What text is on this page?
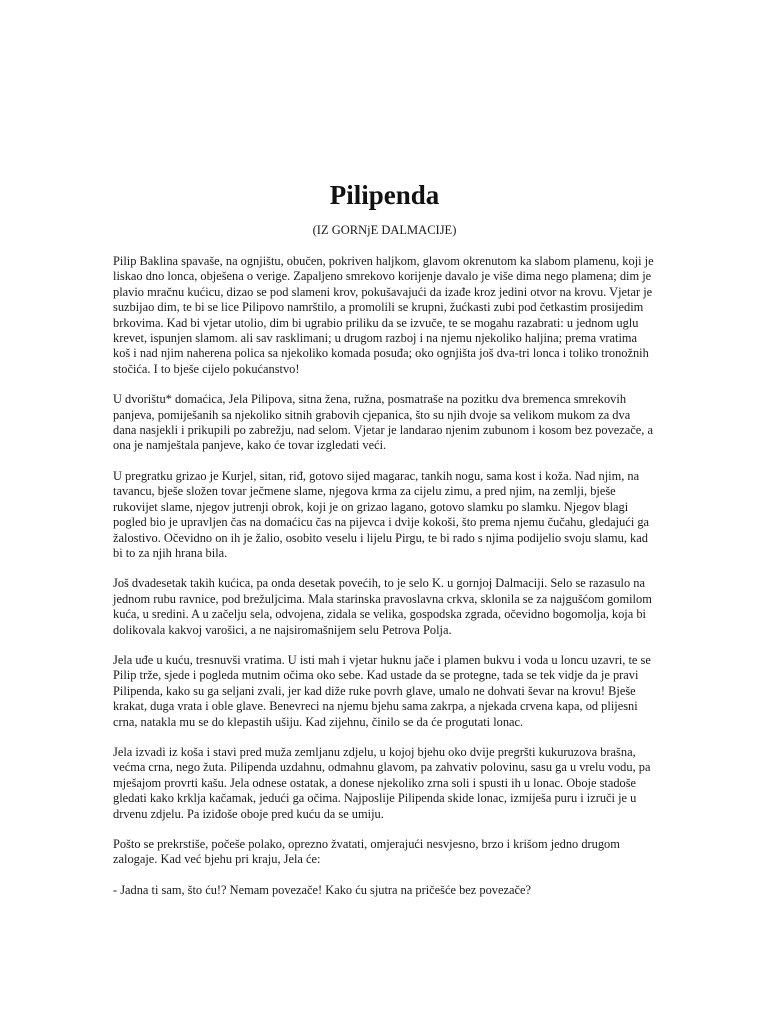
Pilipenda
(IZ GORNjE DALMACIJE)

Pilip Baklina spavaše, na ognjištu, obučen, pokriven haljkom, glavom okrenutom ka slabom plamenu, koji je liskao dno lonca, obješena o verige. Zapaljeno smrekovo korijenje davalo je više dima nego plamena; dim je plavio mračnu kućicu, dizao se pod slameni krov, pokušavajući da izađe kroz jedini otvor na krovu. Vjetar je suzbijao dim, te bi se lice Pilipovo namrštilo, a promolili se krupni, žućkasti zubi pod četkastim prosijedim brkovima. Kad bi vjetar utolio, dim bi ugrabio priliku da se izvuče, te se mogahu razabrati: u jednom uglu krevet, ispunjen slamom. ali sav rasklimani; u drugom razboj i na njemu njekoliko haljina; prema vratima koš i nad njim naherena polica sa njekoliko komada posuđa; oko ognjišta još dva-tri lonca i toliko tronožnih stočića. I to bješe cijelo pokućanstvo!

U dvorištu* domaćica, Jela Pilipova, sitna žena, ružna, posmatraše na pozitku dva bremenca smrekovih panjeva, pomiješanih sa njekoliko sitnih grabovih cjepanica, što su njih dvoje sa velikom mukom za dva dana nasjekli i prikupili po zabrežju, nad selom. Vjetar je landarao njenim zubunom i kosom bez povezače, a ona je namještala panjeve, kako će tovar izgledati veći.

U pregratku grizao je Kurjel, sitan, riđ, gotovo sijed magarac, tankih nogu, sama kost i koža. Nad njim, na tavancu, bješe složen tovar ječmene slame, njegova krma za cijelu zimu, a pred njim, na zemlji, bješe rukovijet slame, njegov jutrenji obrok, koji je on grizao lagano, gotovo slamku po slamku. Njegov blagi pogled bio je upravljen čas na domaćicu čas na pijevca i dvije kokoši, što prema njemu čučahu, gledajući ga žalostivo. Očevidno on ih je žalio, osobito veselu i lijelu Pirgu, te bi rado s njima podijelio svoju slamu, kad bi to za njih hrana bila.

Još dvadesetak takih kućica, pa onda desetak povećih, to je selo K. u gornjoj Dalmaciji. Selo se razasulo na jednom rubu ravnice, pod brežuljcima. Mala starinska pravoslavna crkva, sklonila se za najgušćom gomilom kuća, u sredini. A u začelju sela, odvojena, zidala se velika, gospodska zgrada, očevidno bogomolja, koja bi dolikovala kakvoj varošici, a ne najsiromašnijem selu Petrova Polja.

Jela uđe u kuću, tresnuvši vratima. U isti mah i vjetar huknu jače i plamen bukvu i voda u loncu uzavri, te se Pilip trže, sjede i pogleda mutnim očima oko sebe. Kad ustade da se protegne, tada se tek vidje da je pravi Pilipenda, kako su ga seljani zvali, jer kad diže ruke povrh glave, umalo ne dohvati ševar na krovu! Bješe krakat, duga vrata i oble glave. Benevreci na njemu bjehu sama zakrpa, a njekada crvena kapa, od plijesni crna, natakla mu se do klepastih ušiju. Kad zijehnu, činilo se da će progutati lonac.

Jela izvadi iz koša i stavi pred muža zemljanu zdjelu, u kojoj bjehu oko dvije pregršti kukuruzova brašna, većma crna, nego žuta. Pilipenda uzdahnu, odmahnu glavom, pa zahvativ polovinu, sasu ga u vrelu vodu, pa mješajom provrti kašu. Jela odnese ostatak, a donese njekoliko zrna soli i spusti ih u lonac. Oboje stadoše gledati kako krklja kačamak, jedući ga očima. Najposlije Pilipenda skide lonac, izmiješa puru i izruči je u drvenu zdjelu. Pa iziđoše oboje pred kuću da se umiju.

Pošto se prekrstiše, počeše polako, oprezno žvatati, omjerajući nesvjesno, brzo i krišom jedno drugom zalogaje. Kad već bjehu pri kraju, Jela će:

- Jadna ti sam, što ću!? Nemam povezače! Kako ću sjutra na pričešće bez povezače?
